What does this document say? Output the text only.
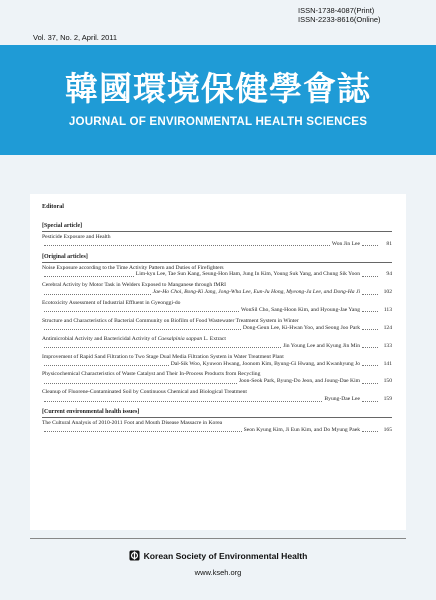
ISSN-1738-4087(Print)
ISSN-2233-8616(Online)
Vol. 37, No. 2, April. 2011
韓國環境保健學會誌
JOURNAL OF ENVIRONMENTAL HEALTH SCIENCES
Editoral
[Special article]
Pesticide Exposure and Health
Won Jin Lee	81
[Original articles]
Noise Exposure according to the Time Activity Pattern and Duties of Firefighters
Lim-kyu Lee, Tae Sun Kang, Seung-Hon Ham, Jung In Kim, Young Suk Yang, and Chung Sik Yoon	94
Cerebral Activity by Motor Task in Welders Exposed to Manganese through fMRI
Jae-Ho Choi, Bong-Ki Jang, Jong-Wha Lee, Eun-Ju Hong, Myeong-Ja Lee, and Dong-Ha Ji	102
Ecotoxicity Assessment of Industrial Effluent in Gyeonggi-do
WonSil Cho, Sang-Hoon Kim, and Hyoung-Jae Yang	113
Structure and Characteristics of Bacterial Community on Biofilm of Food Wastewater Treatment System in Winter
Dong-Geun Lee, Ki-Hwan Yoo, and Seong Joo Park	124
Antimicrobial Activity and Bactericidal Activity of Caesalpinia sappan L. Extract
Jin Young Lee and Kyung Jin Min	133
Improvement of Rapid Sand Filtration to Two Stage Dual Media Filtration System in Water Treatment Plant
Dal-Sik Woo, Kyuwon Hwang, Joonom Kim, Byung-Gi Hwang, and Kwanhyung Jo	141
Physicochemical Characteristics of Waste Catalyst and Their In-Process Products from Recycling
Joon-Seok Park, Byung-Do Jeon, and Joung-Dae Kim	150
Cleanup of Fluorene-Contaminated Soil by Continuous Chemical and Biological Treatment
Byung-Dae Lee	159
[Current environmental health issues]
The Cultural Analysis of 2010-2011 Foot and Mouth Disease Massacre in Korea
Seon Kyung Kim, Ji Eun Kim, and Do Myung Paek	165
Korean Society of Environmental Health
www.kseh.org
